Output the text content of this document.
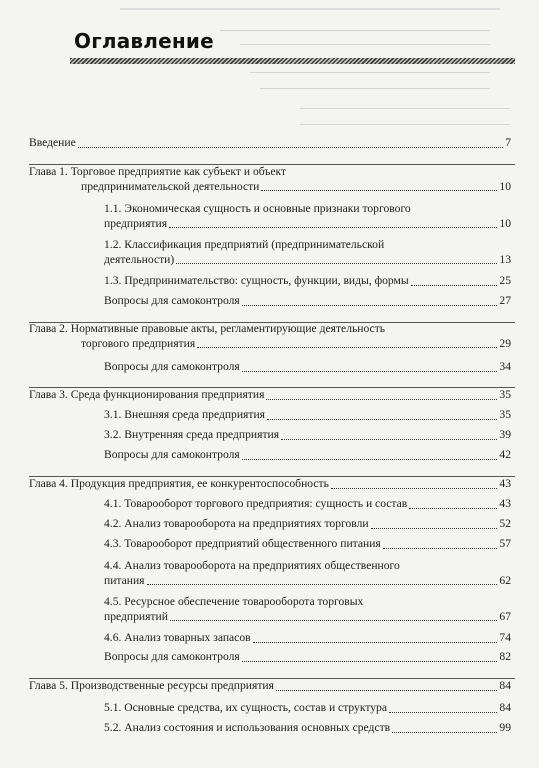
Оглавление
Введение	7
Глава 1. Торговое предприятие как субъект и объект
предпринимательской деятельности	10
1.1. Экономическая сущность и основные признаки торгового
предприятия	10
1.2. Классификация предприятий (предпринимательской
деятельности)	13
1.3. Предпринимательство: сущность, функции, виды, формы	25
Вопросы для самоконтроля	27
Глава 2. Нормативные правовые акты, регламентирующие деятельность
торгового предприятия	29
Вопросы для самоконтроля	34
Глава 3. Среда функционирования предприятия	35
3.1. Внешняя среда предприятия	35
3.2. Внутренняя среда предприятия	39
Вопросы для самоконтроля	42
Глава 4. Продукция предприятия, ее конкурентоспособность	43
4.1. Товарооборот торгового предприятия: сущность и состав	43
4.2. Анализ товарооборота на предприятиях торговли	52
4.3. Товарооборот предприятий общественного питания	57
4.4. Анализ товарооборота на предприятиях общественного
питания	62
4.5. Ресурсное обеспечение товарооборота торговых
предприятий	67
4.6. Анализ товарных запасов	74
Вопросы для самоконтроля	82
Глава 5. Производственные ресурсы предприятия	84
5.1. Основные средства, их сущность, состав и структура	84
5.2. Анализ состояния и использования основных средств	99
